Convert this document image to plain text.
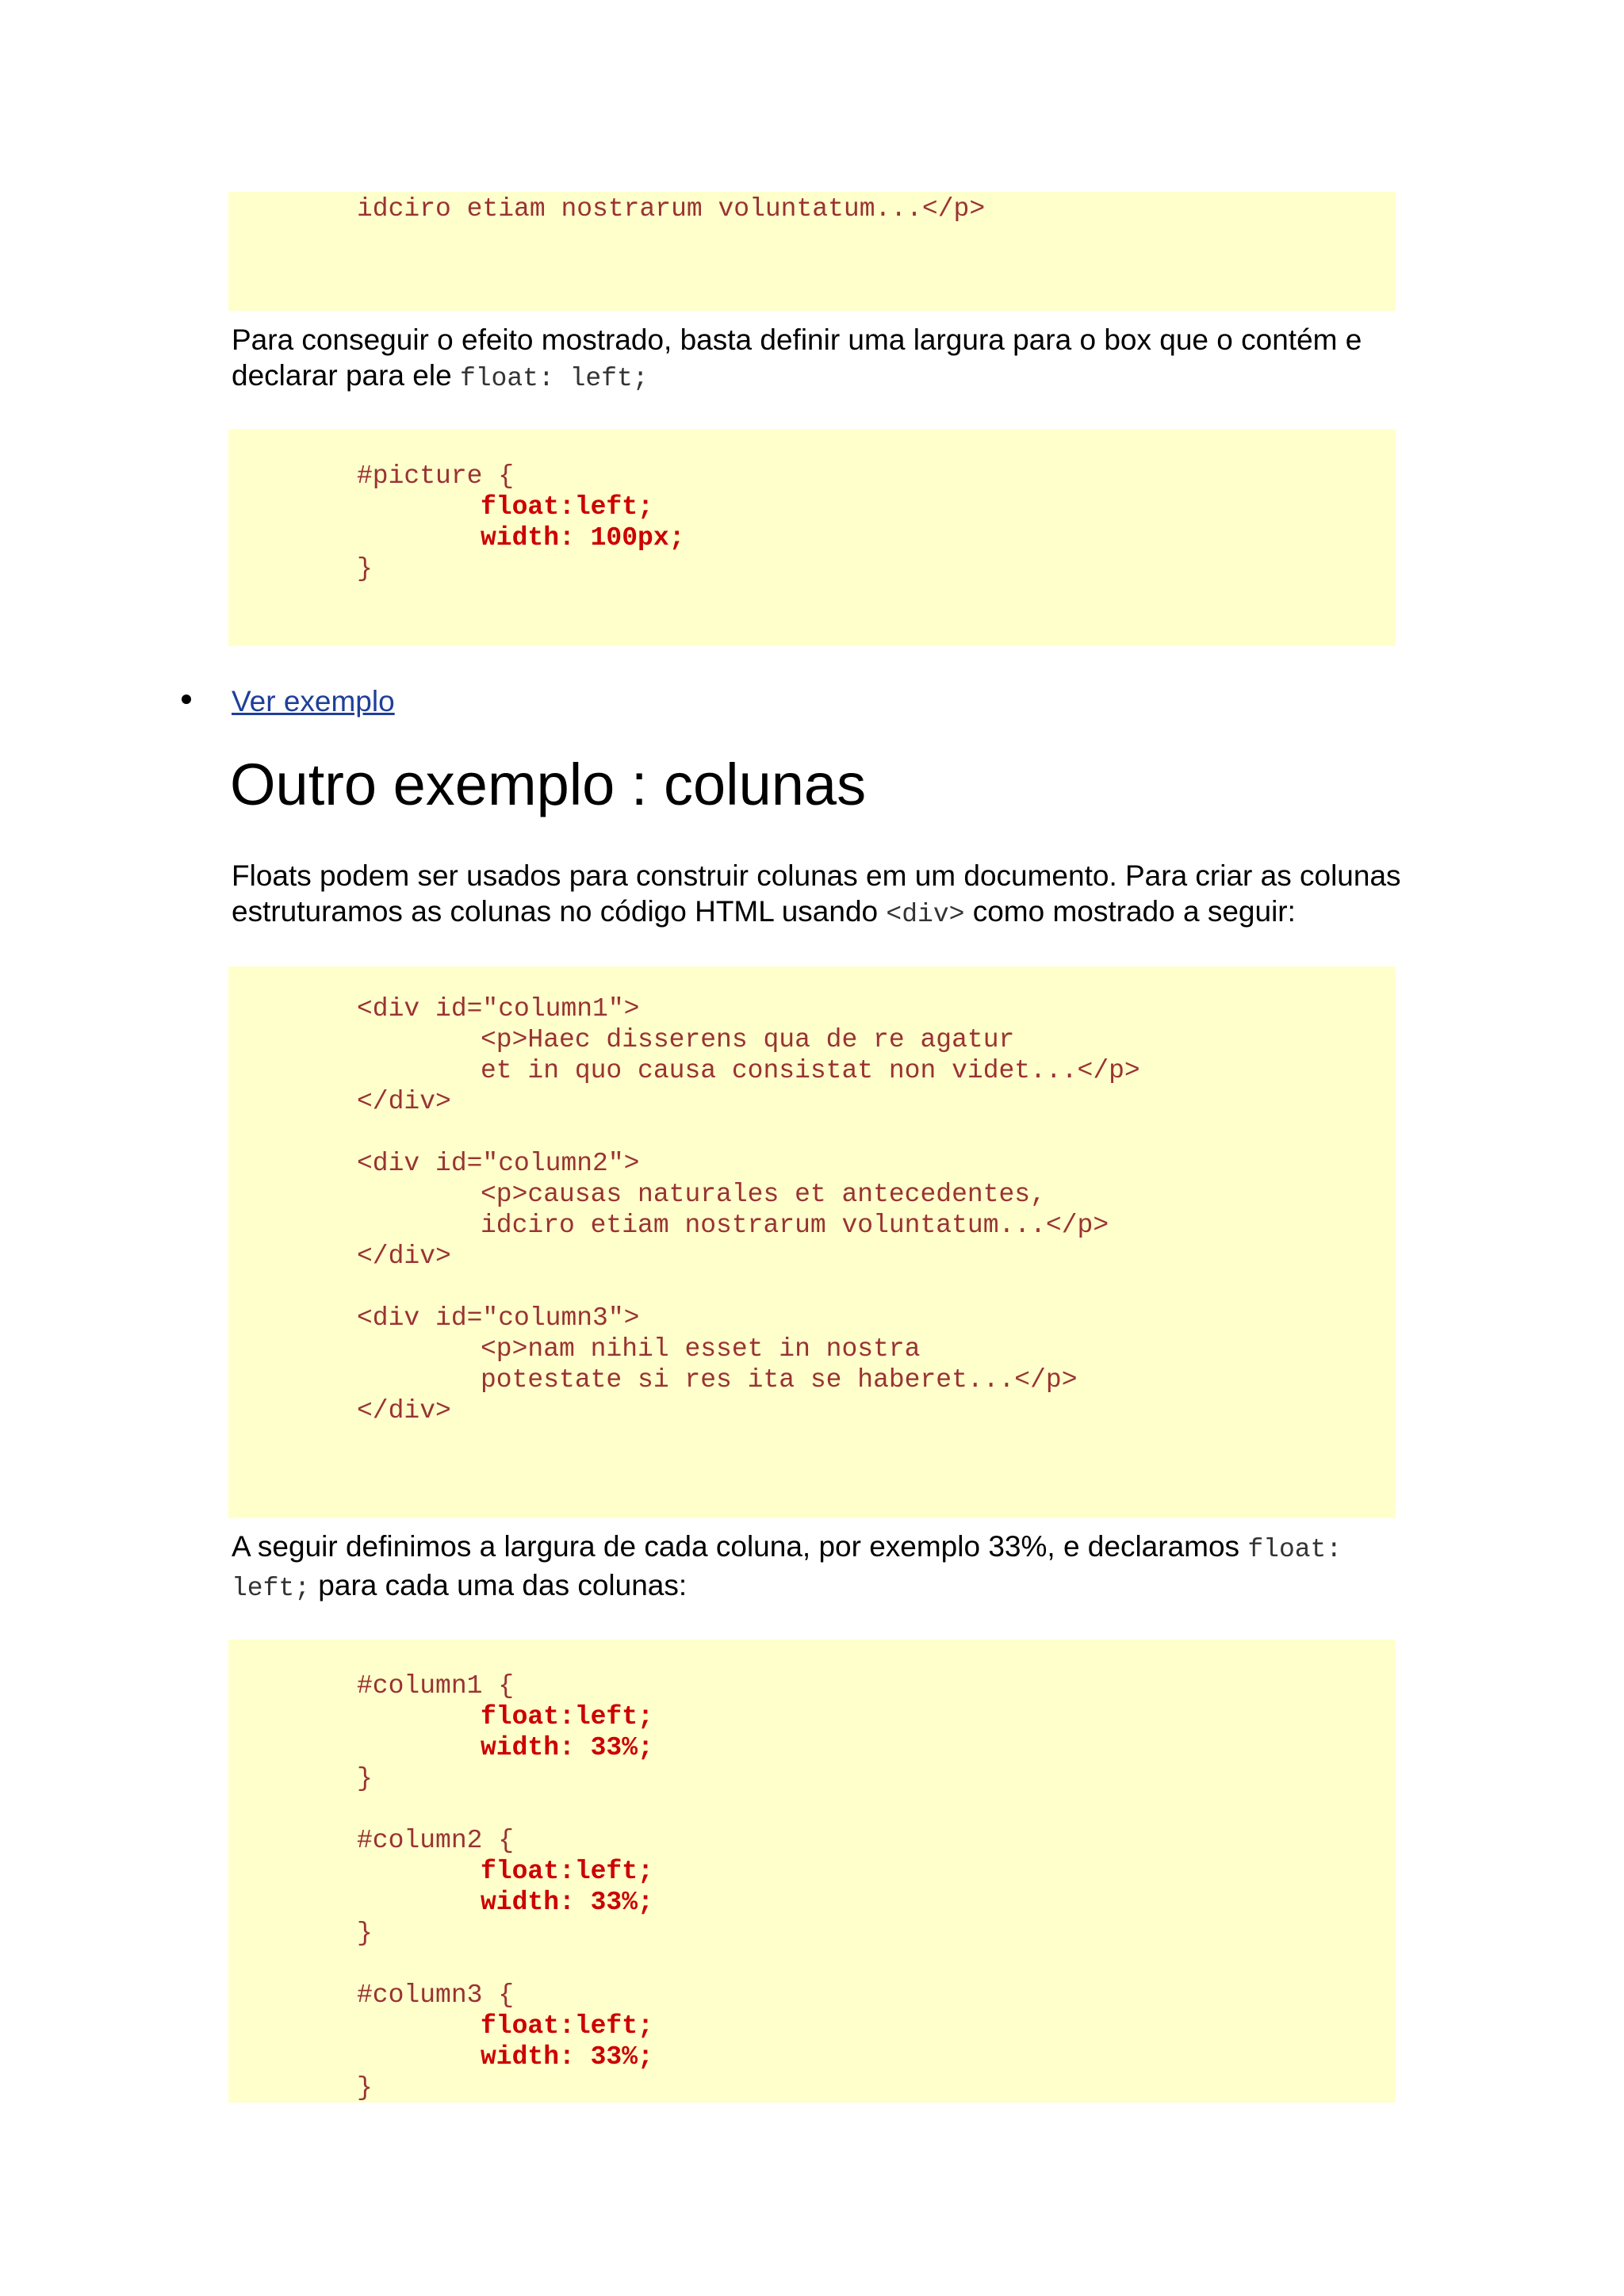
idciro etiam nostrarum voluntatum...</p>

Para conseguir o efeito mostrado, basta definir uma largura para o box que o contém e
declarar para ele float: left;

#picture {
float:left;
width: 100px;
}
Ver exemplo
Outro exemplo : colunas

Floats podem ser usados para construir colunas em um documento. Para criar as colunas
estruturamos as colunas no código HTML usando <div> como mostrado a seguir:

<div id="column1">
<p>Haec disserens qua de re agatur
et in quo causa consistat non videt...</p>
</div>
<div id="column2">
<p>causas naturales et antecedentes,
idciro etiam nostrarum voluntatum...</p>
</div>
<div id="column3">
<p>nam nihil esset in nostra
potestate si res ita se haberet...</p>
</div>

A seguir definimos a largura de cada coluna, por exemplo 33%, e declaramos float:
left; para cada uma das colunas:

#column1 {
float:left;
width: 33%;
}
#column2 {
float:left;
width: 33%;
}
#column3 {
float:left;
width: 33%;
}
